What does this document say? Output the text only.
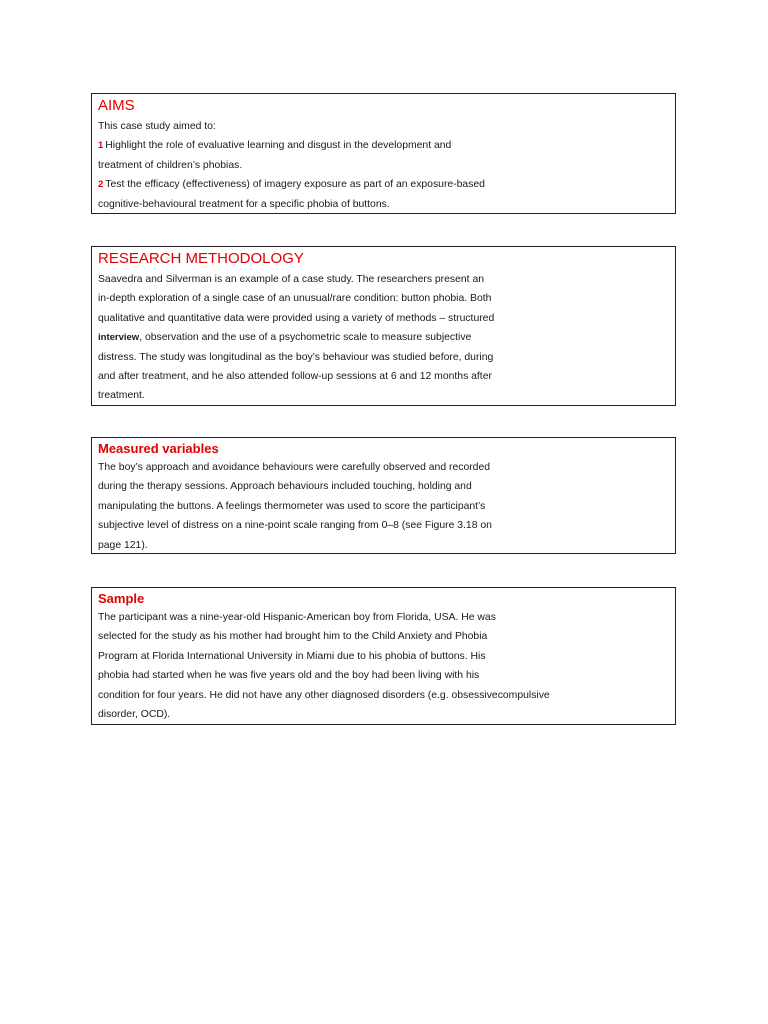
AIMS

This case study aimed to:

1 Highlight the role of evaluative learning and disgust in the development and

treatment of children’s phobias.

2 Test the efficacy (effectiveness) of imagery exposure as part of an exposure-based

cognitive-behavioural treatment for a specific phobia of buttons.

RESEARCH METHODOLOGY

Saavedra and Silverman is an example of a case study. The researchers present an

in-depth exploration of a single case of an unusual/rare condition: button phobia. Both

qualitative and quantitative data were provided using a variety of methods – structured

interview, observation and the use of a psychometric scale to measure subjective

distress. The study was longitudinal as the boy’s behaviour was studied before, during

and after treatment, and he also attended follow-up sessions at 6 and 12 months after

treatment.

Measured variables

The boy’s approach and avoidance behaviours were carefully observed and recorded

during the therapy sessions. Approach behaviours included touching, holding and

manipulating the buttons. A feelings thermometer was used to score the participant’s

subjective level of distress on a nine-point scale ranging from 0–8 (see Figure 3.18 on

page 121).

Sample

The participant was a nine-year-old Hispanic-American boy from Florida, USA. He was

selected for the study as his mother had brought him to the Child Anxiety and Phobia

Program at Florida International University in Miami due to his phobia of buttons. His

phobia had started when he was five years old and the boy had been living with his

condition for four years. He did not have any other diagnosed disorders (e.g. obsessivecompulsive

disorder, OCD).
